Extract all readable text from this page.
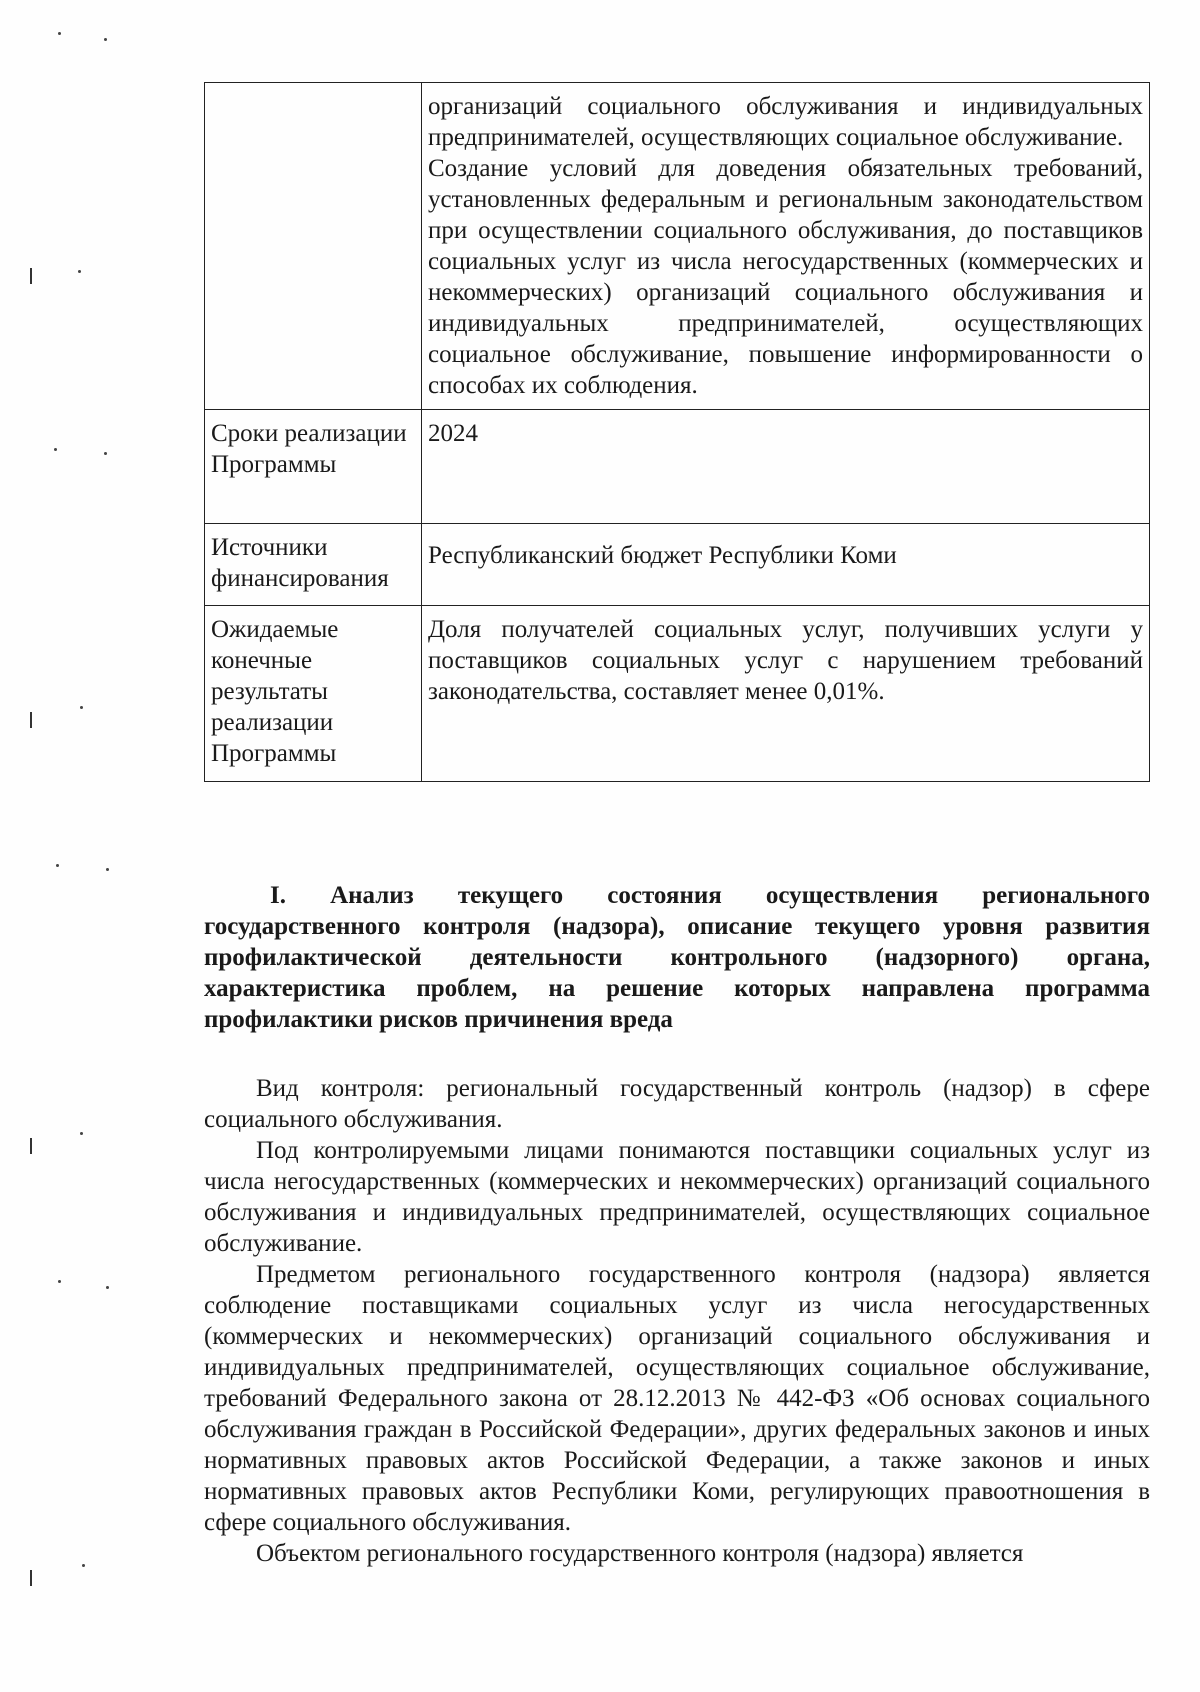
	организаций социального обслуживания и индивидуальных предпринимателей, осуществляющих социальное обслуживание.

Создание условий для доведения обязательных требований, установленных федеральным и региональным законодательством при осуществлении социального обслуживания, до поставщиков социальных услуг из числа негосударственных (коммерческих и некоммерческих) организаций социального обслуживания и индивидуальных предпринимателей, осуществляющих социальное обслуживание, повышение информированности о способах их соблюдения.

Сроки реализации Программы	2024

Источники финансирования	Республиканский бюджет Республики Коми

Ожидаемые конечные результаты реализации Программы	Доля получателей социальных услуг, получивших услуги у поставщиков социальных услуг с нарушением требований законодательства, составляет менее 0,01%.

I. Анализ текущего состояния осуществления регионального государственного контроля (надзора), описание текущего уровня развития профилактической деятельности контрольного (надзорного) органа, характеристика проблем, на решение которых направлена программа профилактики рисков причинения вреда

Вид контроля: региональный государственный контроль (надзор) в сфере социального обслуживания.

Под контролируемыми лицами понимаются поставщики социальных услуг из числа негосударственных (коммерческих и некоммерческих) организаций социального обслуживания и индивидуальных предпринимателей, осуществляющих социальное обслуживание.

Предметом регионального государственного контроля (надзора) является соблюдение поставщиками социальных услуг из числа негосударственных (коммерческих и некоммерческих) организаций социального обслуживания и индивидуальных предпринимателей, осуществляющих социальное обслуживание, требований Федерального закона от 28.12.2013 № 442-ФЗ «Об основах социального обслуживания граждан в Российской Федерации», других федеральных законов и иных нормативных правовых актов Российской Федерации, а также законов и иных нормативных правовых актов Республики Коми, регулирующих правоотношения в сфере социального обслуживания.

Объектом регионального государственного контроля (надзора) является
